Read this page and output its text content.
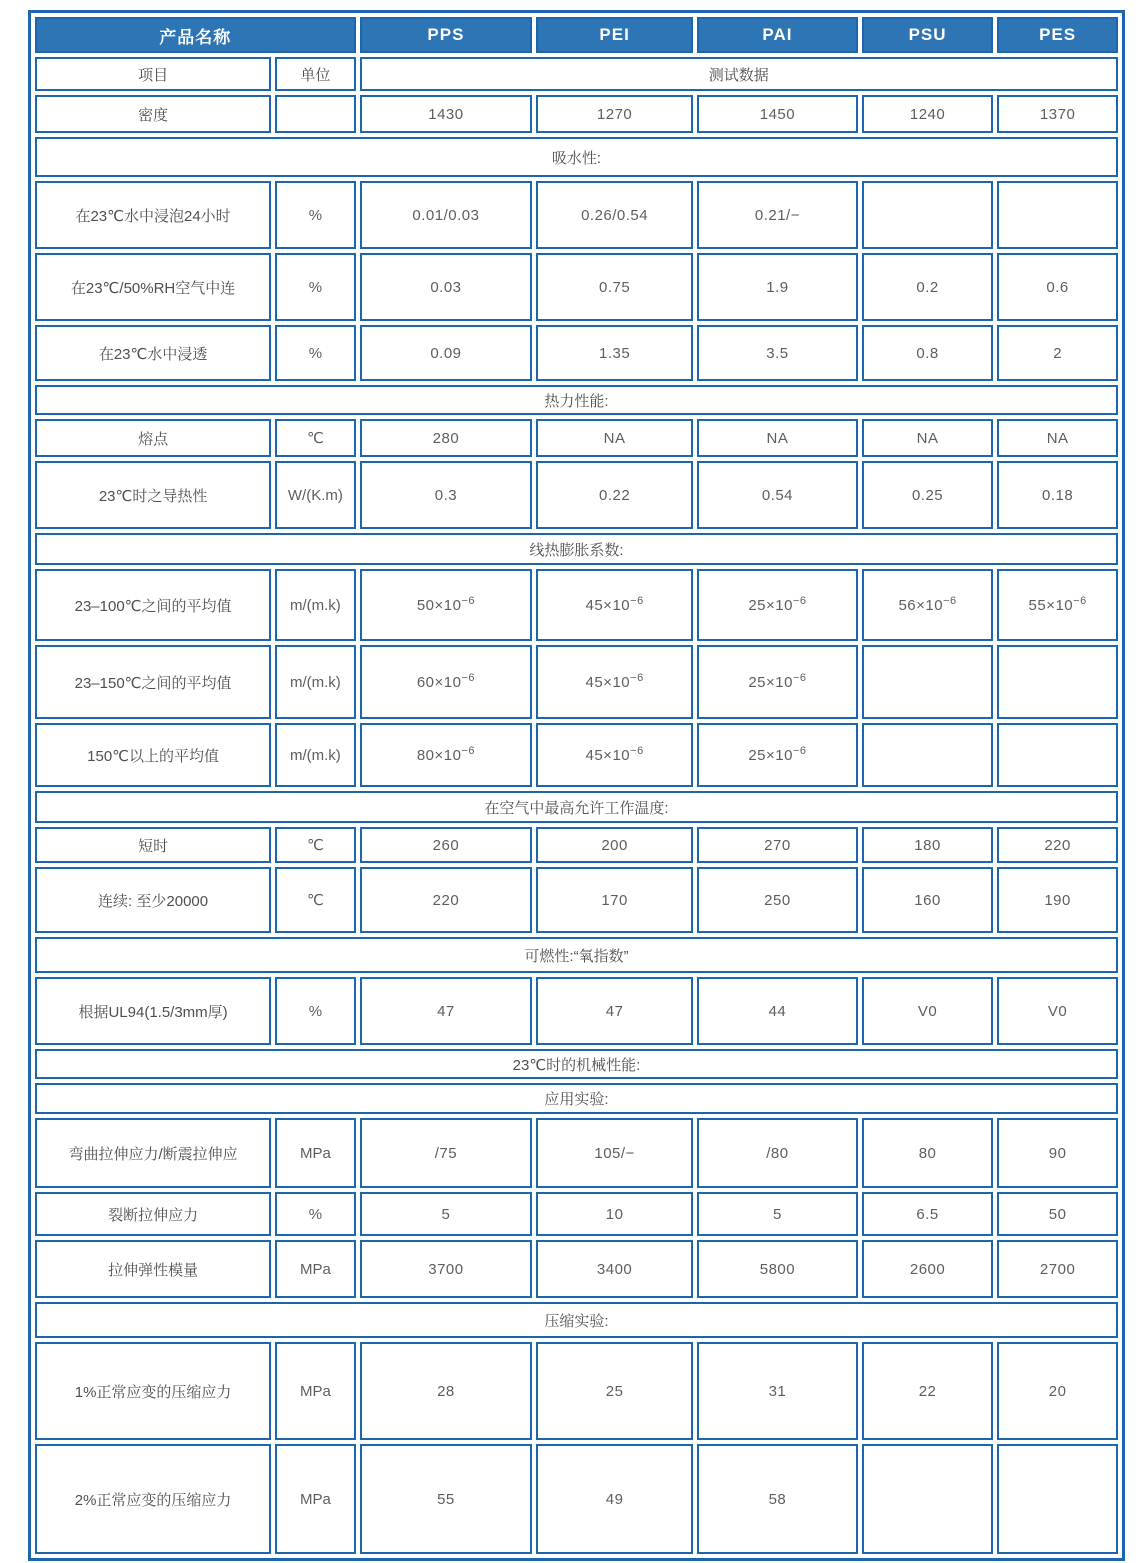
产品名称		PPS	PEI	PAI	PSU	PES
项目	单位	测试数据				
密度		1430	1270	1450	1240	1370
吸水性:						
在23℃水中浸泡24小时	%	0.01/0.03	0.26/0.54	0.21/−		
在23℃/50%RH空气中连	%	0.03	0.75	1.9	0.2	0.6
在23℃水中浸透	%	0.09	1.35	3.5	0.8	2
热力性能:						
熔点	℃	280	NA	NA	NA	NA
23℃时之导热性	W/(K.m)	0.3	0.22	0.54	0.25	0.18
线热膨胀系数:						
23–100℃之间的平均值	m/(m.k)	$50\times 10^{-6}$	$45\times 10^{-6}$	$25\times 10^{-6}$	$56\times 10^{-6}$	$55\times 10^{-6}$
23–150℃之间的平均值	m/(m.k)	$60\times 10^{-6}$	$45\times 10^{-6}$	$25\times 10^{-6}$		
150℃以上的平均值	m/(m.k)	$80\times 10^{-6}$	$45\times 10^{-6}$	$25\times 10^{-6}$		
在空气中最高允许工作温度:						
短时	℃	260	200	270	180	220
连续: 至少20000	℃	220	170	250	160	190
可燃性:“氧指数”						
根据UL94(1.5/3mm厚)	%	47	47	44	V0	V0
23℃时的机械性能:						
应用实验:						
弯曲拉伸应力/断震拉伸应	MPa	/75	105/−	/80	80	90
裂断拉伸应力	%	5	10	5	6.5	50
拉伸弹性模量	MPa	3700	3400	5800	2600	2700
压缩实验:						
1%正常应变的压缩应力	MPa	28	25	31	22	20
2%正常应变的压缩应力	MPa	55	49	58		
